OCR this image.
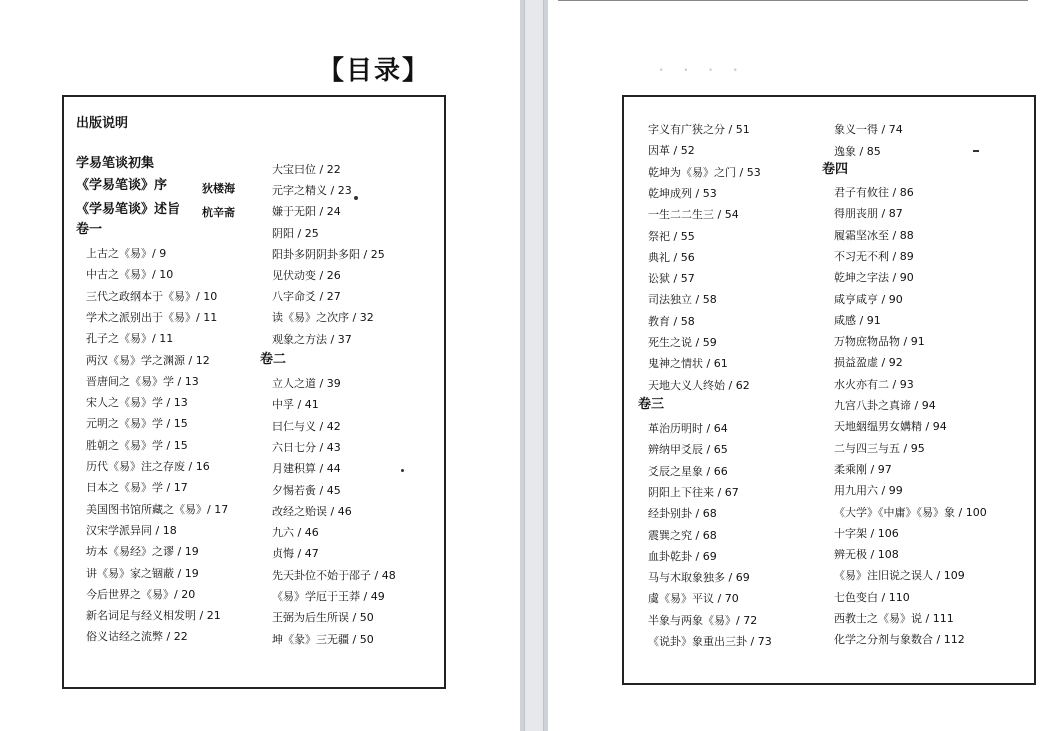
【目录】
出版说明
学易笔谈初集
《学易笔谈》序	狄楼海
《学易笔谈》述旨 杭辛斋
卷一
上古之《易》/ 9
中古之《易》/ 10
三代之政纲本于《易》/ 10
学术之派别出于《易》/ 11
孔子之《易》/ 11
两汉《易》学之渊源 / 12
晋唐间之《易》学 / 13
宋人之《易》学 / 13
元明之《易》学 / 15
胜朝之《易》学 / 15
历代《易》注之存废 / 16
日本之《易》学 / 17
美国图书馆所藏之《易》/ 17
汉宋学派异同 / 18
坊本《易经》之谬 / 19
讲《易》家之锢蔽 / 19
今后世界之《易》/ 20
新名词足与经义相发明 / 21
俗义诂经之流弊 / 22
大宝曰位 / 22
元字之精义 / 23
嫌于无阳 / 24
阴阳 / 25
阳卦多阴阴卦多阳 / 25
见伏动变 / 26
八字命爻 / 27
读《易》之次序 / 32
观象之方法 / 37
卷二
立人之道 / 39
中孚 / 41
曰仁与义 / 42
六日七分 / 43
月建积算 / 44
夕惕若夤 / 45
改经之贻误 / 46
九六 / 46
贞悔 / 47
先天卦位不始于邵子 / 48
《易》学厄于王莽 / 49
王弼为后生所误 / 50
坤《彖》三无疆 / 50
· · · ·
字义有广狭之分 / 51
因革 / 52
乾坤为《易》之门 / 53
乾坤成列 / 53
一生二二生三 / 54
祭祀 / 55
典礼 / 56
讼狱 / 57
司法独立 / 58
教育 / 58
死生之说 / 59
鬼神之情状 / 61
天地大义人终始 / 62
卷三
革治历明时 / 64
辨纳甲爻辰 / 65
爻辰之星象 / 66
阴阳上下往来 / 67
经卦别卦 / 68
震巽之究 / 68
血卦乾卦 / 69
马与木取象独多 / 69
虞《易》平议 / 70
半象与两象《易》/ 72
《说卦》象重出三卦 / 73
象义一得 / 74
逸象 / 85
卷四
君子有攸往 / 86
得朋丧朋 / 87
履霜坚冰至 / 88
不习无不利 / 89
乾坤之字法 / 90
咸亨咸亨 / 90
咸感 / 91
万物庶物品物 / 91
损益盈虚 / 92
水火亦有二 / 93
九宫八卦之真谛 / 94
天地絪缊男女媾精 / 94
二与四三与五 / 95
柔乘刚 / 97
用九用六 / 99
《大学》《中庸》《易》象 / 100
十字架 / 106
辨无极 / 108
《易》注旧说之误人 / 109
七色变白 / 110
西教士之《易》说 / 111
化学之分剂与象数合 / 112
